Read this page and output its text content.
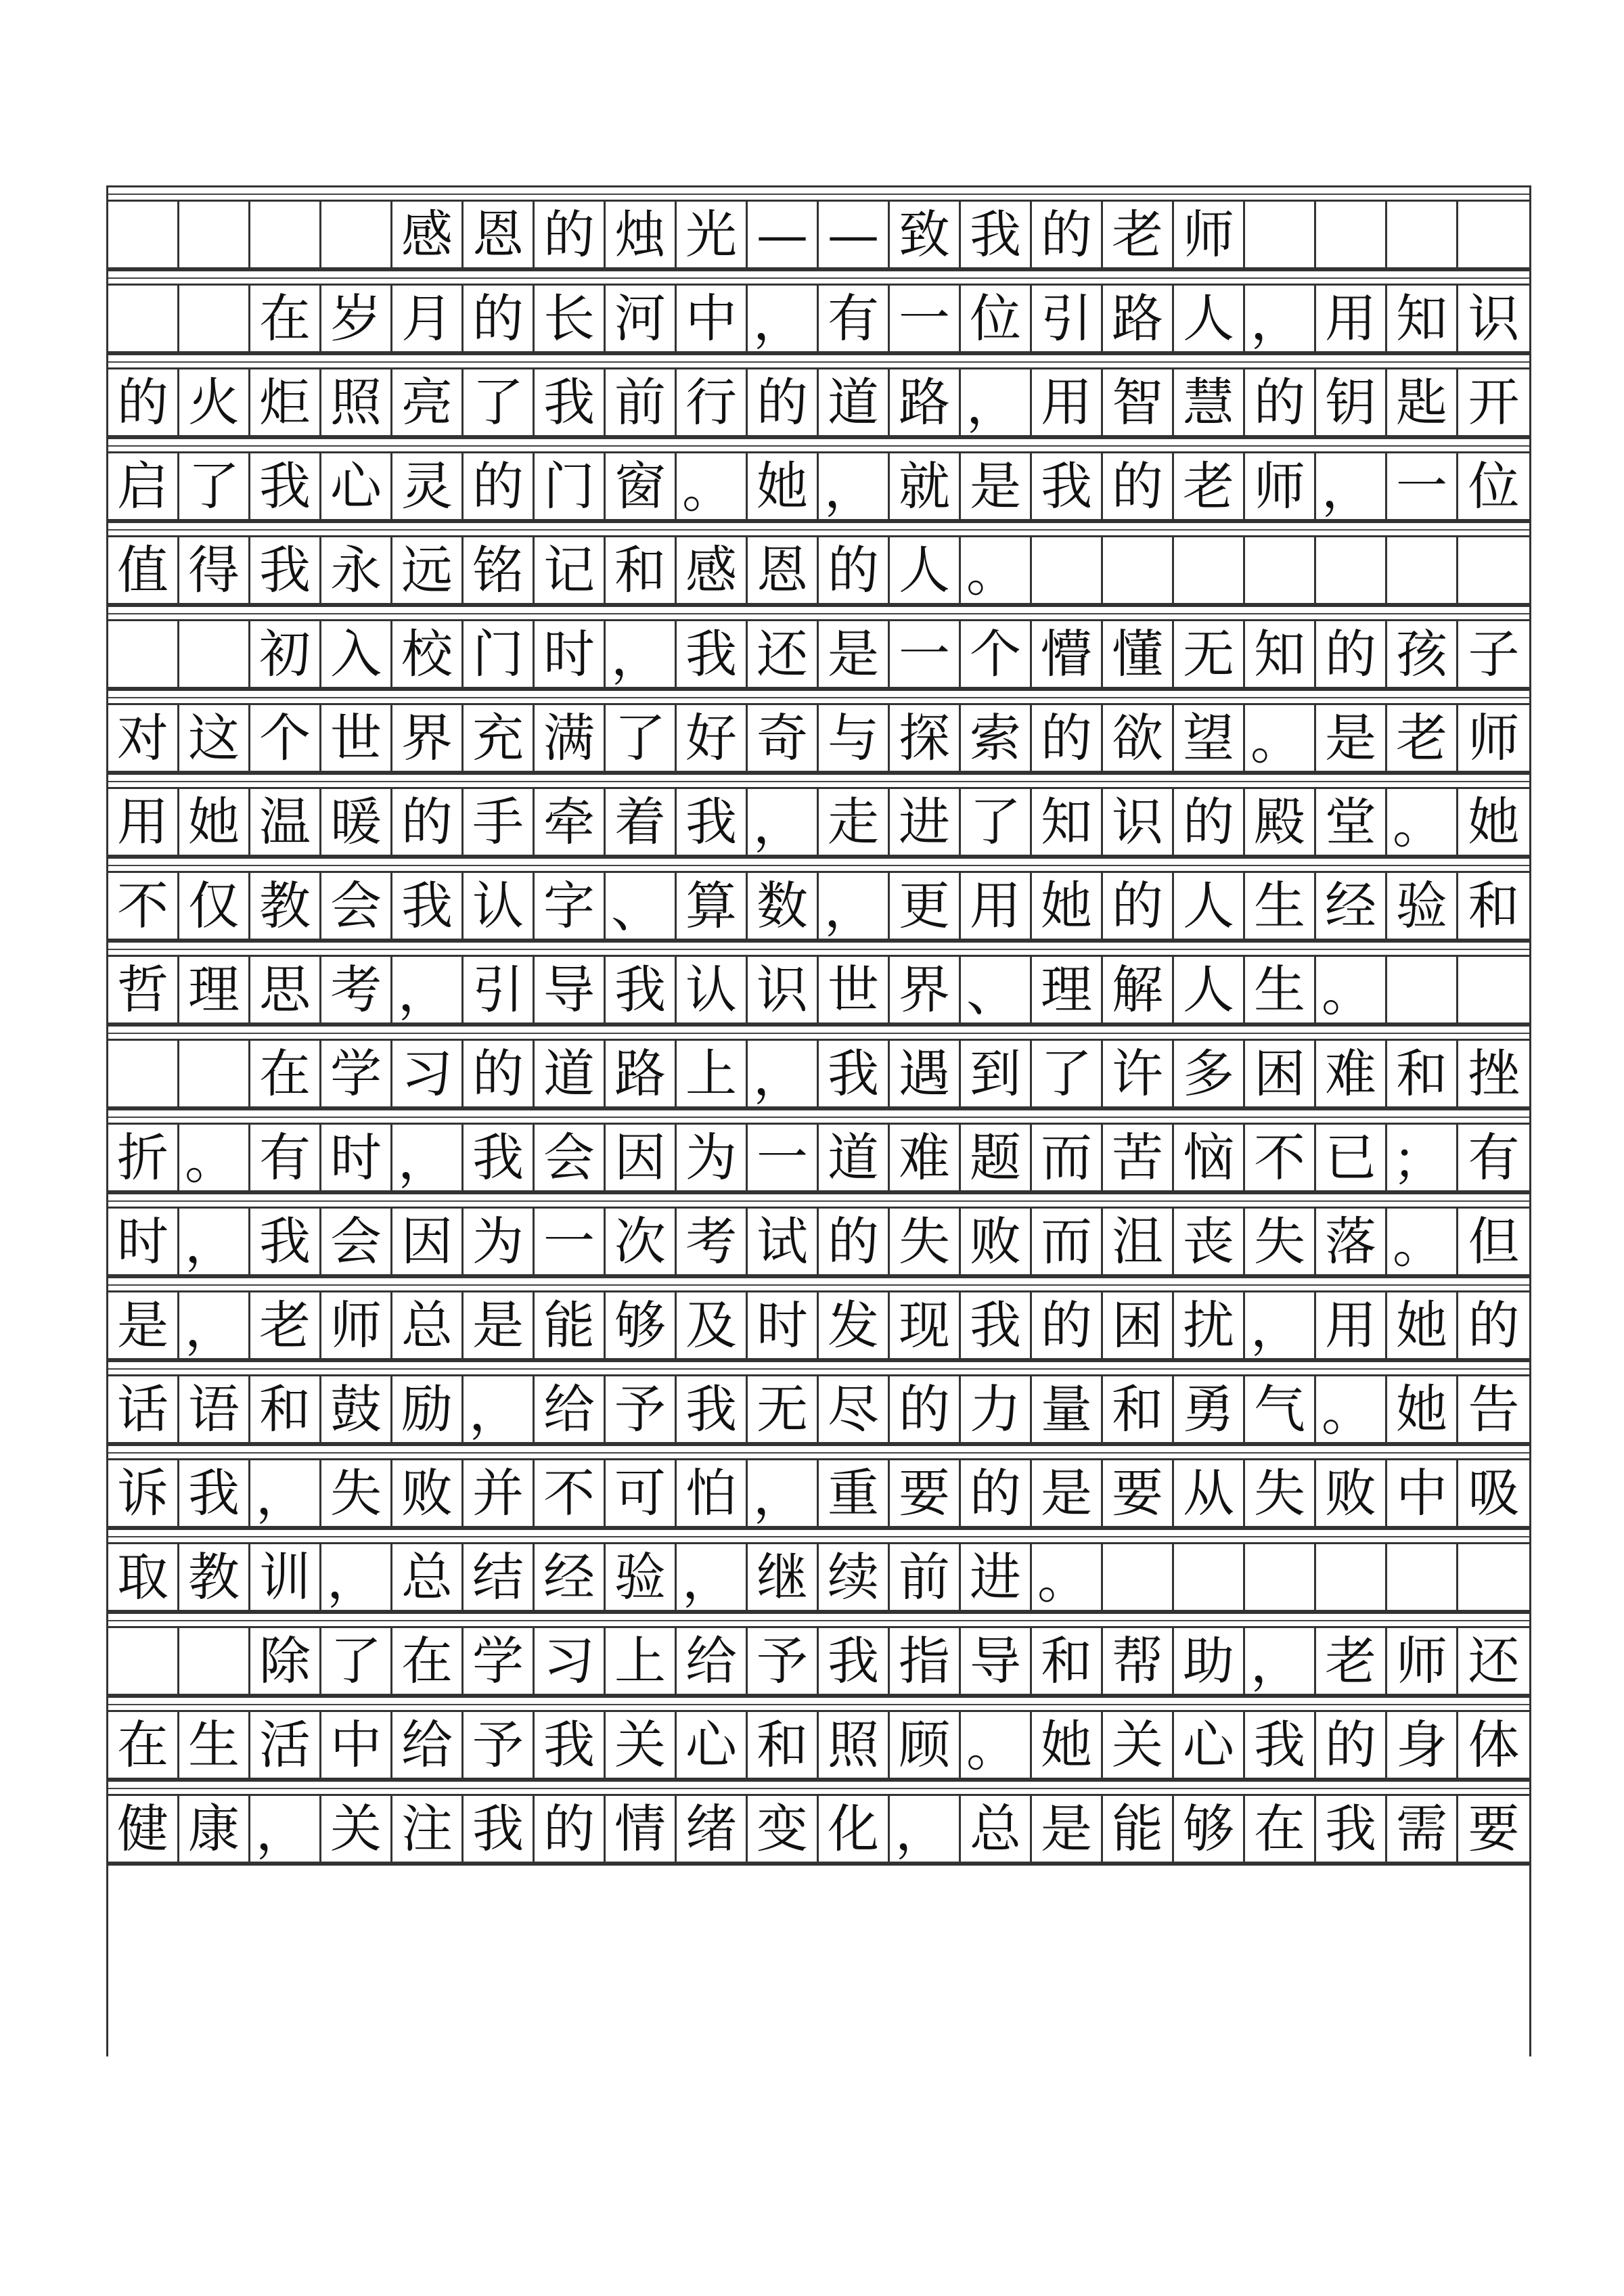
感 恩 的 烛 光 — — 致 我 的 老 师
在 岁 月 的 长 河 中 ， 有 一 位 引 路 人 ， 用 知 识
的 火 炬 照 亮 了 我 前 行 的 道 路 ， 用 智 慧 的 钥 匙 开
启 了 我 心 灵 的 门 窗 。 她 ， 就 是 我 的 老 师 ， 一 位
值 得 我 永 远 铭 记 和 感 恩 的 人 。
初 入 校 门 时 ， 我 还 是 一 个 懵 懂 无 知 的 孩 子
对 这 个 世 界 充 满 了 好 奇 与 探 索 的 欲 望 。 是 老 师
用 她 温 暖 的 手 牵 着 我 ， 走 进 了 知 识 的 殿 堂 。 她
不 仅 教 会 我 认 字 、 算 数 ， 更 用 她 的 人 生 经 验 和
哲 理 思 考 ， 引 导 我 认 识 世 界 、 理 解 人 生 。
在 学 习 的 道 路 上 ， 我 遇 到 了 许 多 困 难 和 挫
折 。 有 时 ， 我 会 因 为 一 道 难 题 而 苦 恼 不 已 ； 有
时 ， 我 会 因 为 一 次 考 试 的 失 败 而 沮 丧 失 落 。 但
是 ， 老 师 总 是 能 够 及 时 发 现 我 的 困 扰 ， 用 她 的
话 语 和 鼓 励 ， 给 予 我 无 尽 的 力 量 和 勇 气 。 她 告
诉 我 ， 失 败 并 不 可 怕 ， 重 要 的 是 要 从 失 败 中 吸
取 教 训 ， 总 结 经 验 ， 继 续 前 进 。
除 了 在 学 习 上 给 予 我 指 导 和 帮 助 ， 老 师 还
在 生 活 中 给 予 我 关 心 和 照 顾 。 她 关 心 我 的 身 体
健 康 ， 关 注 我 的 情 绪 变 化 ， 总 是 能 够 在 我 需 要
